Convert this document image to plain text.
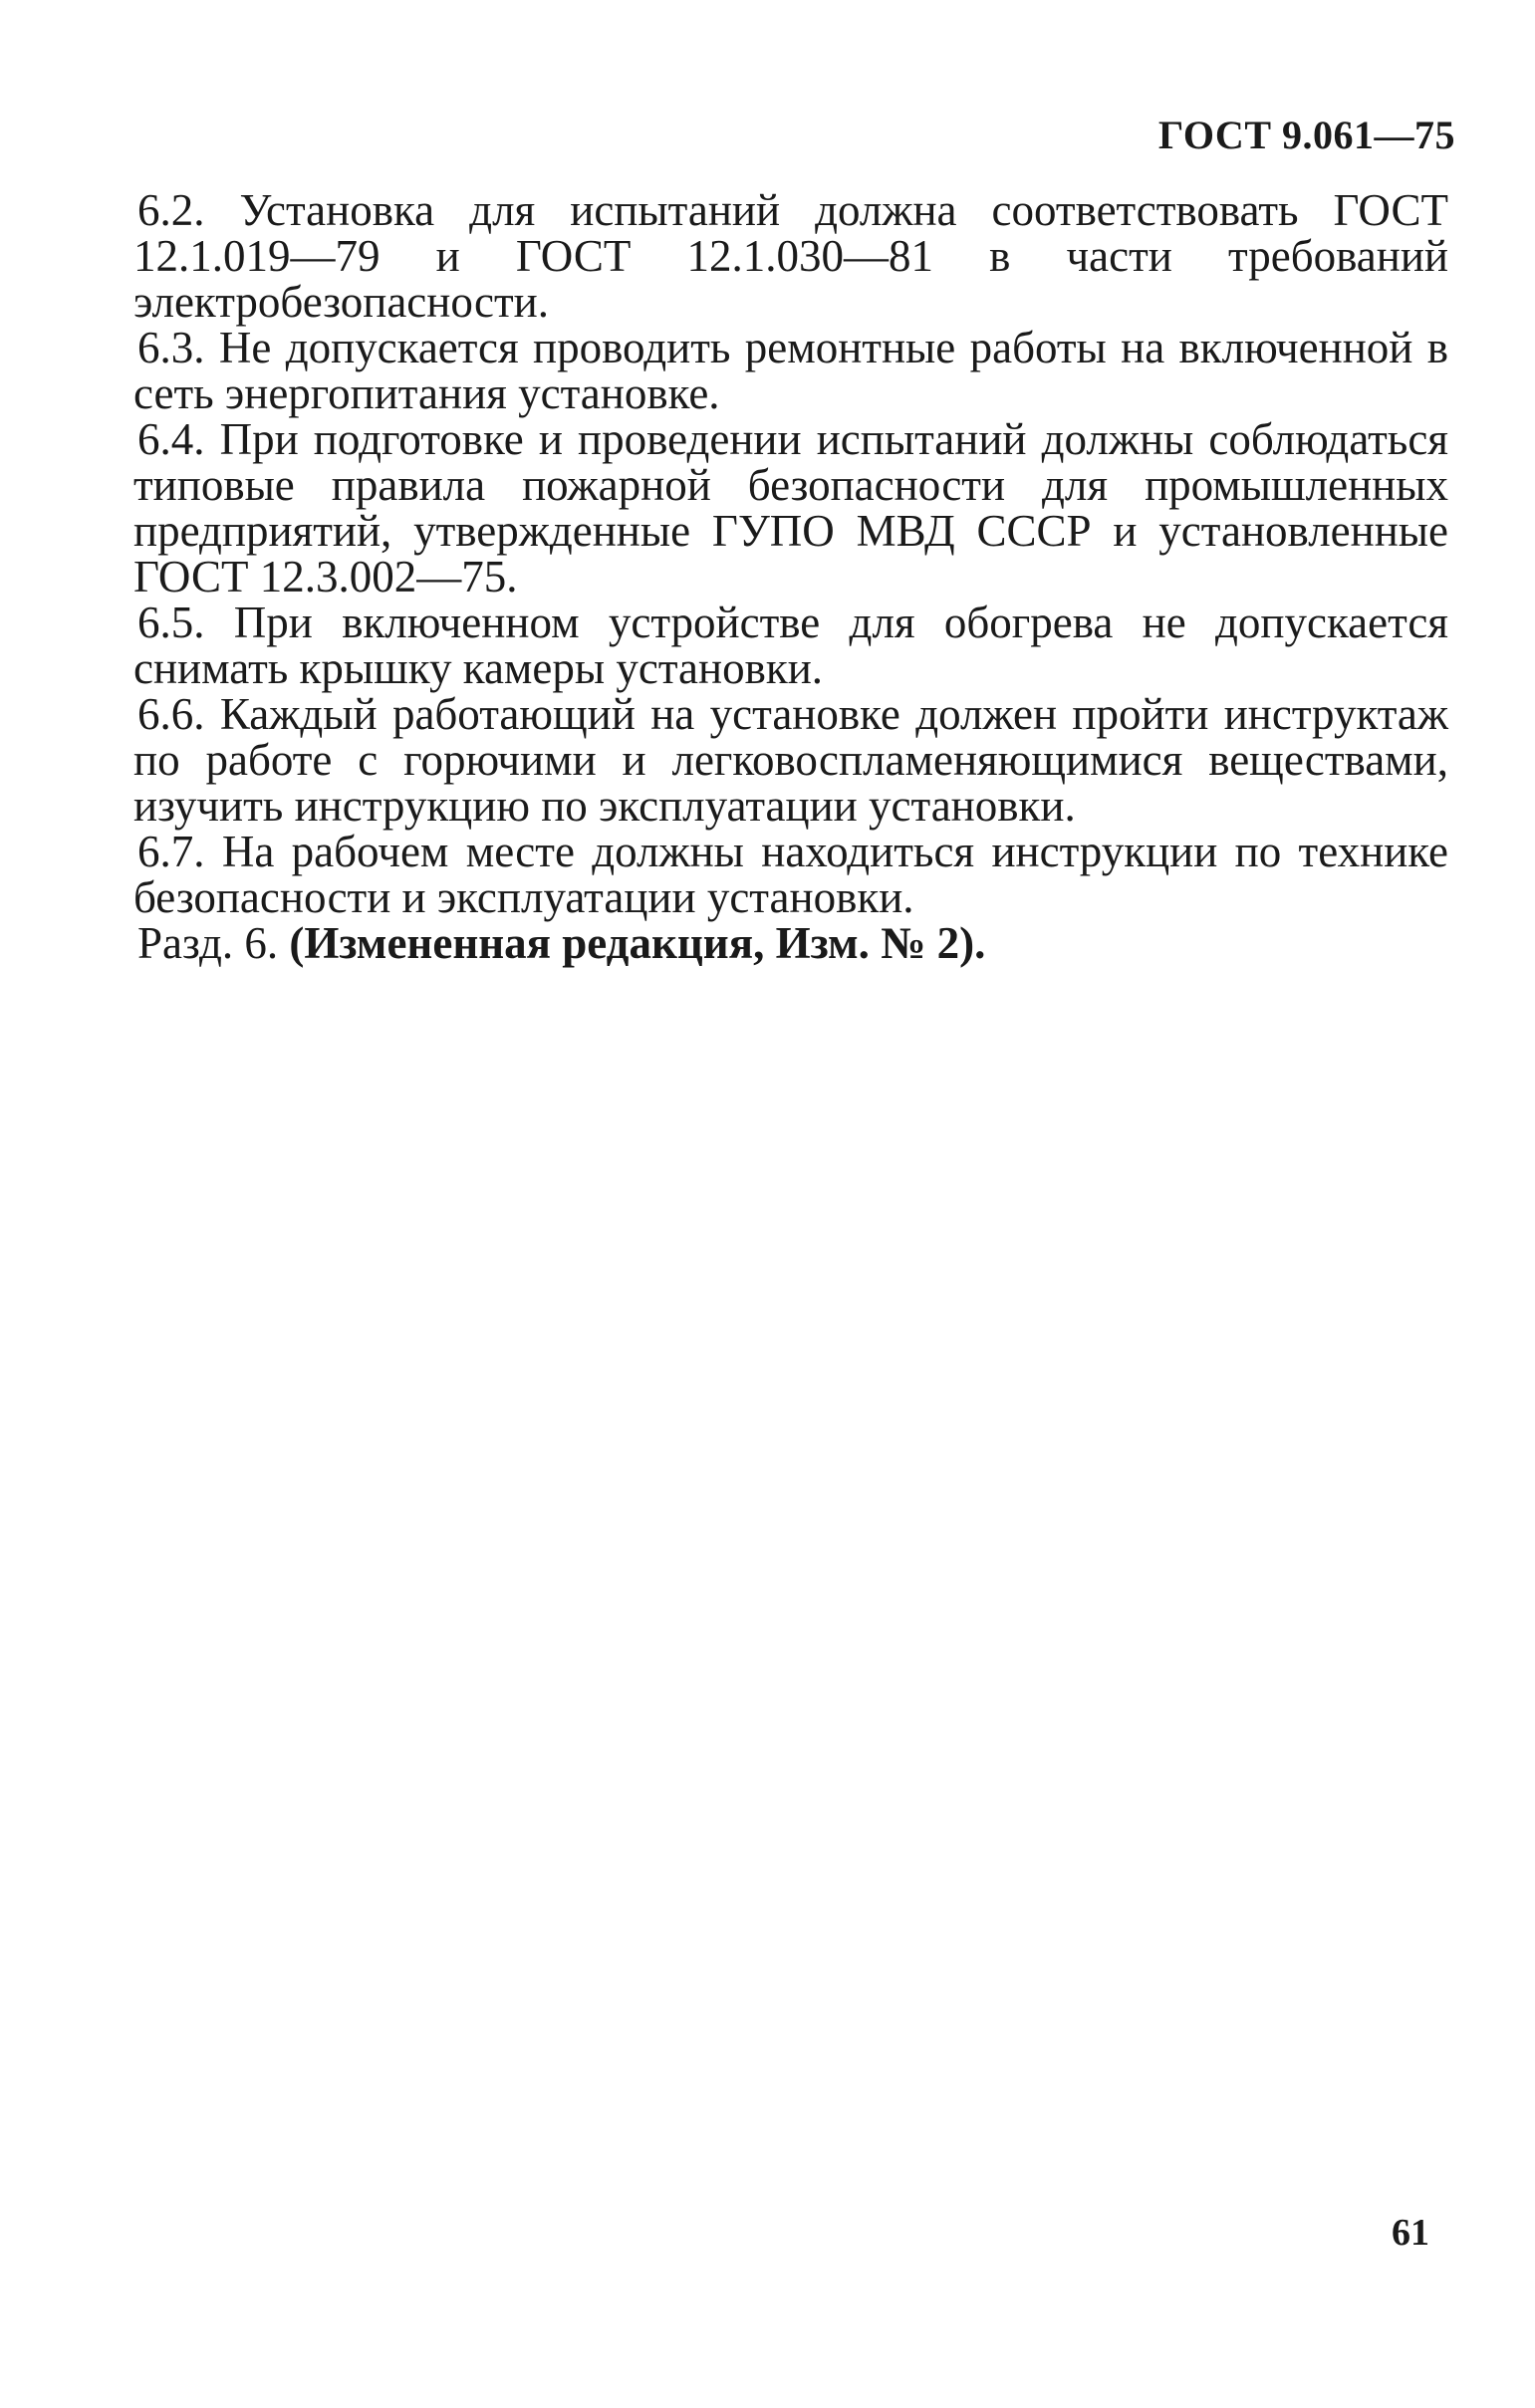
ГОСТ 9.061—75

6.2. Установка для испытаний должна соответствовать ГОСТ 12.1.019—79 и ГОСТ 12.1.030—81 в части требований электробезопасности.

6.3. Не допускается проводить ремонтные работы на включенной в сеть энергопитания установке.

6.4. При подготовке и проведении испытаний должны соблюдаться типовые правила пожарной безопасности для промышленных предприятий, утвержденные ГУПО МВД СССР и установленные ГОСТ 12.3.002—75.

6.5. При включенном устройстве для обогрева не допускается снимать крышку камеры установки.

6.6. Каждый работающий на установке должен пройти инструктаж по работе с горючими и легковоспламеняющимися веществами, изучить инструкцию по эксплуатации установки.

6.7. На рабочем месте должны находиться инструкции по технике безопасности и эксплуатации установки.

Разд. 6. (Измененная редакция, Изм. № 2).

61
